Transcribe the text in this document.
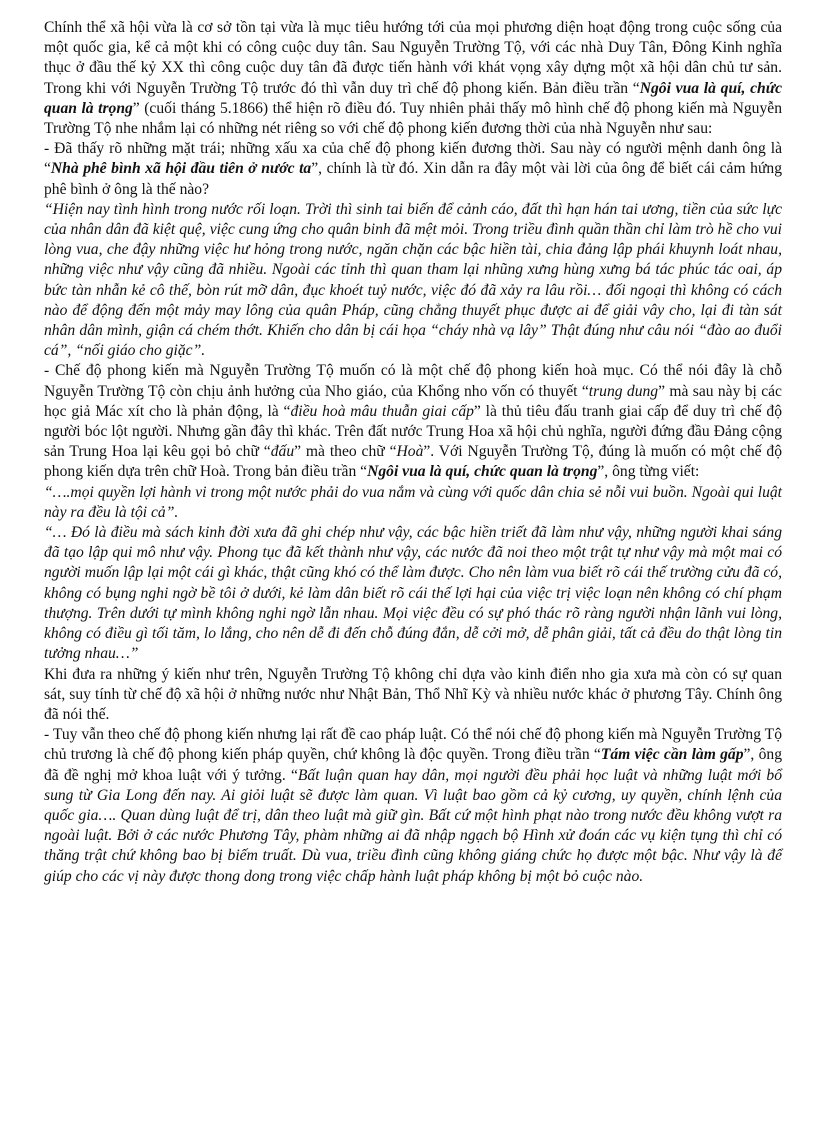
Chính thể xã hội vừa là cơ sở tồn tại vừa là mục tiêu hướng tới của mọi phương diện hoạt động trong cuộc sống của một quốc gia, kể cả một khi có công cuộc duy tân. Sau Nguyễn Trường Tộ, với các nhà Duy Tân, Đông Kinh nghĩa thục ở đầu thế kỷ XX thì công cuộc duy tân đã được tiến hành với khát vọng xây dựng một xã hội dân chủ tư sản. Trong khi với Nguyễn Trường Tộ trước đó thì vẫn duy trì chế độ phong kiến. Bản điều trần “Ngôi vua là quí, chức quan là trọng” (cuối tháng 5.1866) thể hiện rõ điều đó. Tuy nhiên phải thấy mô hình chế độ phong kiến mà Nguyễn Trường Tộ nhe nhắm lại có những nét riêng so với chế độ phong kiến đương thời của nhà Nguyễn như sau:

- Đã thấy rõ những mặt trái; những xấu xa của chế độ phong kiến đương thời. Sau này có người mệnh danh ông là “Nhà phê bình xã hội đầu tiên ở nước ta”, chính là từ đó. Xin dẫn ra đây một vài lời của ông để biết cái cảm hứng phê bình ở ông là thế nào?

“Hiện nay tình hình trong nước rối loạn. Trời thì sinh tai biến để cảnh cáo, đất thì hạn hán tai ương, tiền của sức lực của nhân dân đã kiệt quệ, việc cung ứng cho quân binh đã mệt mỏi. Trong triều đình quần thần chỉ làm trò hề cho vui lòng vua, che đậy những việc hư hỏng trong nước, ngăn chặn các bậc hiền tài, chia đảng lập phái khuynh loát nhau, những việc như vậy cũng đã nhiều. Ngoài các tỉnh thì quan tham lại nhũng xưng hùng xưng bá tác phúc tác oai, áp bức tàn nhẫn kẻ cô thế, bòn rút mỡ dân, đục khoét tuỷ nước, việc đó đã xảy ra lâu rồi… đối ngoại thì không có cách nào để động đến một mảy may lông của quân Pháp, cũng chẳng thuyết phục được ai để giải vây cho, lại đi tàn sát nhân dân mình, giận cá chém thớt. Khiến cho dân bị cái họa “cháy nhà vạ lây” Thật đúng như câu nói “đào ao đuổi cá”, “nối giáo cho giặc”.

- Chế độ phong kiến mà Nguyễn Trường Tộ muốn có là một chế độ phong kiến hoà mục. Có thể nói đây là chỗ Nguyễn Trường Tộ còn chịu ảnh hưởng của Nho giáo, của Khổng nho vốn có thuyết “trung dung” mà sau này bị các học giả Mác xít cho là phản động, là “điều hoà mâu thuẫn giai cấp” là thủ tiêu đấu tranh giai cấp để duy trì chế độ người bóc lột người. Nhưng gần đây thì khác. Trên đất nước Trung Hoa xã hội chủ nghĩa, người đứng đầu Đảng cộng sản Trung Hoa lại kêu gọi bỏ chữ “đấu” mà theo chữ “Hoà”. Với Nguyễn Trường Tộ, đúng là muốn có một chế độ phong kiến dựa trên chữ Hoà. Trong bản điều trần “Ngôi vua là quí, chức quan là trọng”, ông từng viết:

“….mọi quyền lợi hành vi trong một nước phải do vua nắm và cùng với quốc dân chia sẻ nỗi vui buồn. Ngoài qui luật này ra đều là tội cả”.

“… Đó là điều mà sách kinh đời xưa đã ghi chép như vậy, các bậc hiền triết đã làm như vậy, những người khai sáng đã tạo lập qui mô như vậy. Phong tục đã kết thành như vậy, các nước đã noi theo một trật tự như vậy mà một mai có người muốn lập lại một cái gì khác, thật cũng khó có thể làm được. Cho nên làm vua biết rõ cái thế trường cửu đã có, không có bụng nghi ngờ bề tôi ở dưới, kẻ làm dân biết rõ cái thế lợi hại của việc trị việc loạn nên không có chí phạm thượng. Trên dưới tự mình không nghi ngờ lẫn nhau. Mọi việc đều có sự phó thác rõ ràng người nhận lãnh vui lòng, không có điều gì tối tăm, lo lắng, cho nên dễ đi đến chỗ đúng đắn, dễ cởi mở, dễ phân giải, tất cả đều do thật lòng tin tưởng nhau…”

Khi đưa ra những ý kiến như trên, Nguyễn Trường Tộ không chỉ dựa vào kinh điển nho gia xưa mà còn có sự quan sát, suy tính từ chế độ xã hội ở những nước như Nhật Bản, Thổ Nhĩ Kỳ và nhiều nước khác ở phương Tây. Chính ông đã nói thế.

- Tuy vẫn theo chế độ phong kiến nhưng lại rất đề cao pháp luật. Có thể nói chế độ phong kiến mà Nguyễn Trường Tộ chủ trương là chế độ phong kiến pháp quyền, chứ không là độc quyền. Trong điều trần “Tám việc cần làm gấp”, ông đã đề nghị mở khoa luật với ý tưởng. “Bất luận quan hay dân, mọi người đều phải học luật và những luật mới bổ sung từ Gia Long đến nay. Ai giỏi luật sẽ được làm quan. Vì luật bao gồm cả kỷ cương, uy quyền, chính lệnh của quốc gia…. Quan dùng luật để trị, dân theo luật mà giữ gìn. Bất cứ một hình phạt nào trong nước đều không vượt ra ngoài luật. Bởi ở các nước Phương Tây, phàm những ai đã nhập ngạch bộ Hình xử đoán các vụ kiện tụng thì chỉ có thăng trật chứ không bao bị biếm truất. Dù vua, triều đình cũng không giáng chức họ được một bậc. Như vậy là để giúp cho các vị này được thong dong trong việc chấp hành luật pháp không bị một bỏ cuộc nào.
